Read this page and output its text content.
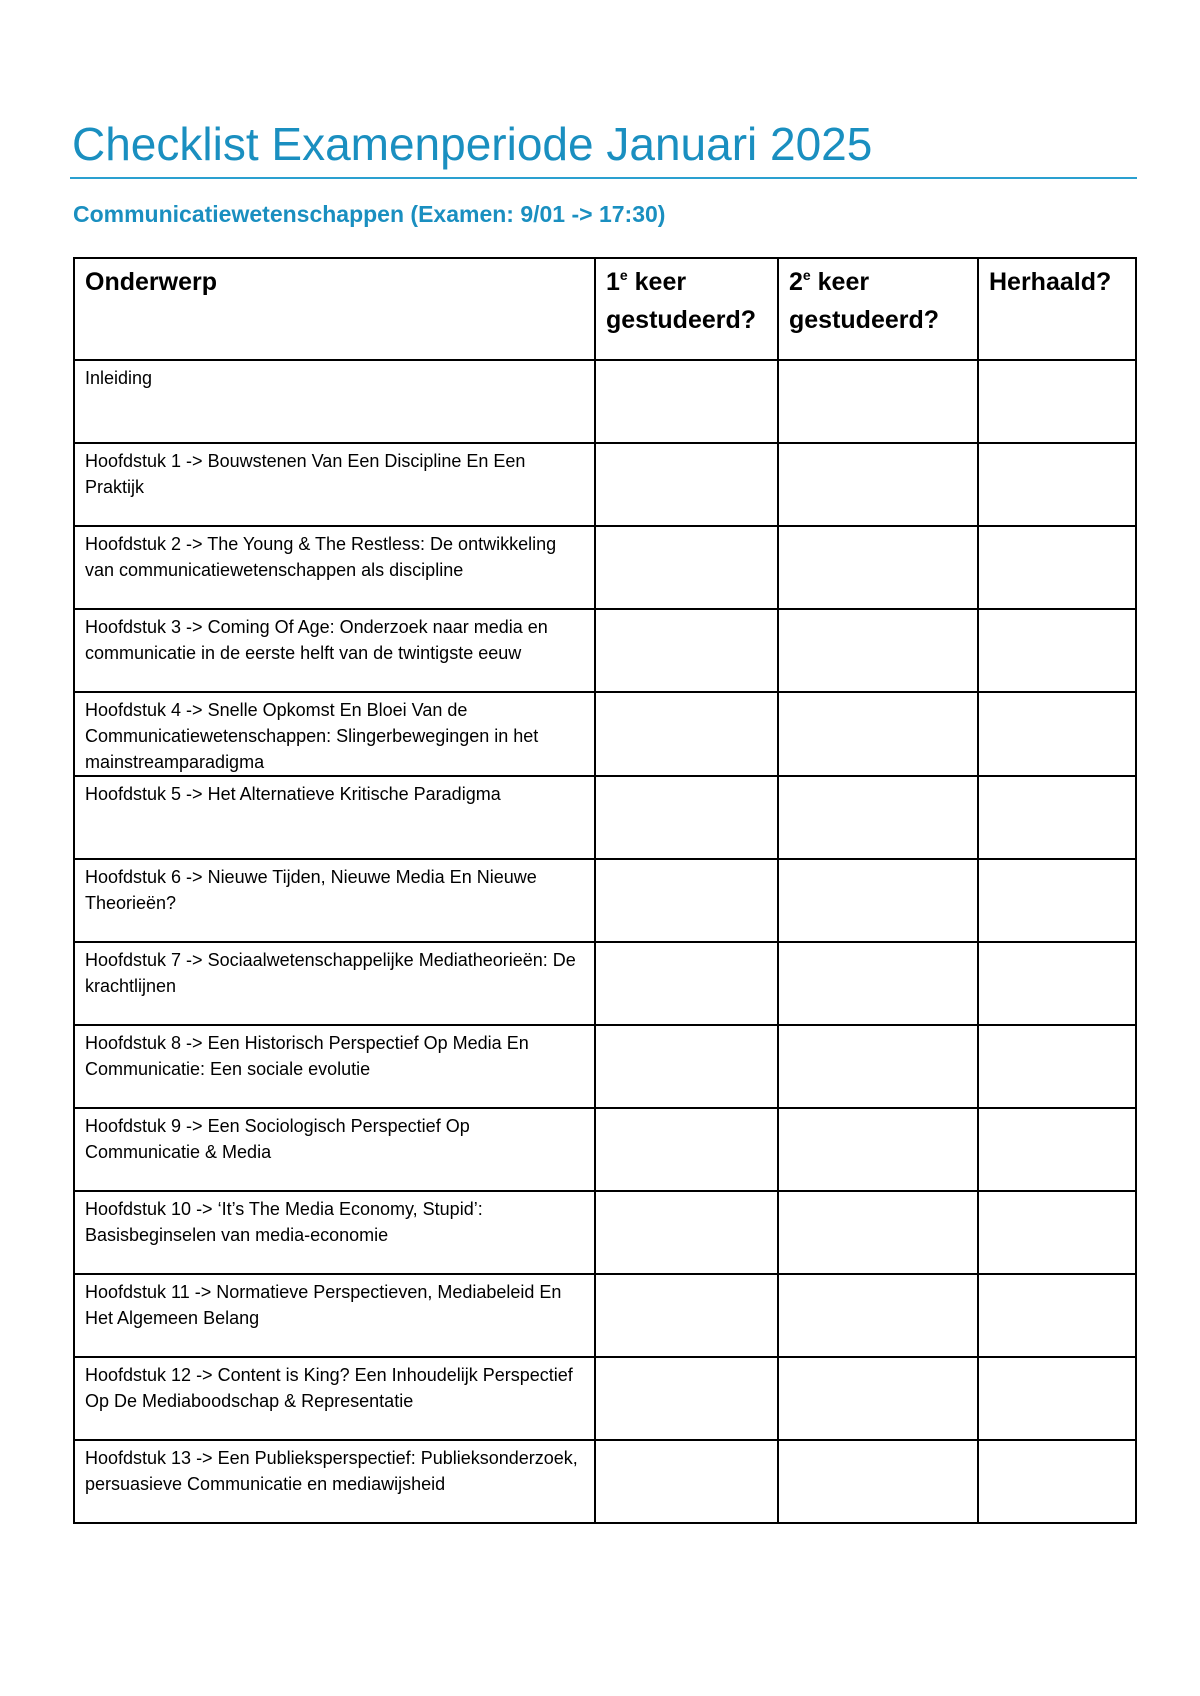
Checklist Examenperiode Januari 2025
Communicatiewetenschappen (Examen: 9/01 -> 17:30)
Onderwerp	1e keer gestudeerd?	2e keer gestudeerd?	Herhaald?
Inleiding			
Hoofdstuk 1 -> Bouwstenen Van Een Discipline En Een Praktijk			
Hoofdstuk 2 -> The Young & The Restless: De ontwikkeling van communicatiewetenschappen als discipline			
Hoofdstuk 3 -> Coming Of Age: Onderzoek naar media en communicatie in de eerste helft van de twintigste eeuw			
Hoofdstuk 4 -> Snelle Opkomst En Bloei Van de Communicatiewetenschappen: Slingerbewegingen in het mainstreamparadigma			
Hoofdstuk 5 -> Het Alternatieve Kritische Paradigma			
Hoofdstuk 6 -> Nieuwe Tijden, Nieuwe Media En Nieuwe Theorieën?			
Hoofdstuk 7 -> Sociaalwetenschappelijke Mediatheorieën: De krachtlijnen			
Hoofdstuk 8 -> Een Historisch Perspectief Op Media En Communicatie: Een sociale evolutie			
Hoofdstuk 9 -> Een Sociologisch Perspectief Op Communicatie & Media			
Hoofdstuk 10 -> ‘It’s The Media Economy, Stupid’: Basisbeginselen van media-economie			
Hoofdstuk 11 -> Normatieve Perspectieven, Mediabeleid En Het Algemeen Belang			
Hoofdstuk 12 -> Content is King? Een Inhoudelijk Perspectief Op De Mediaboodschap & Representatie			
Hoofdstuk 13 -> Een Publieksperspectief: Publieksonderzoek, persuasieve Communicatie en mediawijsheid			
